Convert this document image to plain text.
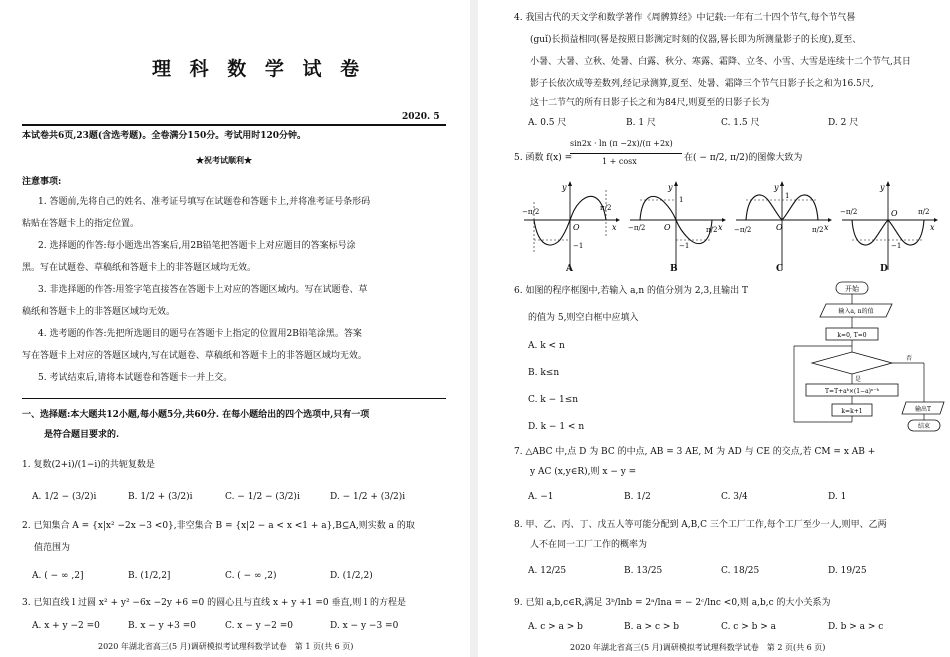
理 科 数 学 试 卷
2020. 5
本试卷共6页,23题(含选考题)。全卷满分150分。考试用时120分钟。
★祝考试顺利★
注意事项:
1. 答题前,先将自己的姓名、准考证号填写在试题卷和答题卡上,并将准考证号条形码
粘贴在答题卡上的指定位置。
2. 选择题的作答:每小题选出答案后,用2B铅笔把答题卡上对应题目的答案标号涂
黑。写在试题卷、草稿纸和答题卡上的非答题区域均无效。
3. 非选择题的作答:用签字笔直接答在答题卡上对应的答题区域内。写在试题卷、草
稿纸和答题卡上的非答题区域均无效。
4. 选考题的作答:先把所选题目的题号在答题卡上指定的位置用2B铅笔涂黑。答案
写在答题卡上对应的答题区域内,写在试题卷、草稿纸和答题卡上的非答题区域均无效。
5. 考试结束后,请将本试题卷和答题卡一并上交。
一、选择题:本大题共12小题,每小题5分,共60分. 在每小题给出的四个选项中,只有一项
是符合题目要求的.
1. 复数(2+i)/(1−i)的共轭复数是
A. 1/2 − (3/2)i	B. 1/2 + (3/2)i	C. − 1/2 − (3/2)i	D. − 1/2 + (3/2)i
2. 已知集合 A = {x|x² −2x −3 <0},非空集合 B = {x|2 − a < x <1 + a},B⊆A,则实数 a 的取
值范围为
A. ( − ∞ ,2]	B. (1/2,2]	C. ( − ∞ ,2)	D. (1/2,2)
3. 已知直线 l 过圆 x² + y² −6x −2y +6 =0 的圆心且与直线 x + y +1 =0 垂直,则 l 的方程是
A. x + y −2 =0	B. x − y +3 =0	C. x − y −2 =0	D. x − y −3 =0
2020 年湖北省高三(5 月)调研模拟考试理科数学试卷　第 1 页(共 6 页)
4. 我国古代的天文学和数学著作《周髀算经》中记载:一年有二十四个节气,每个节气晷
(guǐ)长损益相同(晷是按照日影测定时刻的仪器,晷长即为所测量影子的长度),夏至、
小暑、大暑、立秋、处暑、白露、秋分、寒露、霜降、立冬、小雪、大雪是连续十二个节气,其日
影子长依次成等差数列,经记录测算,夏至、处暑、霜降三个节气日影子长之和为16.5尺,
这十二节气的所有日影子长之和为84尺,则夏至的日影子长为
A. 0.5 尺	B. 1 尺	C. 1.5 尺	D. 2 尺
5. 函数 f(x) =
sin2x · ln (π −2x)/(π +2x)
1 + cosx	在( − π/2, π/2)的图像大致为
y
x
O
−π/2	π/2
−1
y
x
O
−π/2	π/2
1
−1
y
x
O
−π/2	π/2
1
y
x
O
−π/2	π/2
−1
A	B	C	D
6. 如图的程序框图中,若输入 a,n 的值分别为 2,3,且输出 T
的值为 5,则空白框中应填入
A. k < n
B. k≤n
C. k − 1≤n
D. k − 1 < n
开始
输入a, n的值
k=0, T=0
否
是
T=T+aᵏ×(1−a)ⁿ⁻ᵏ
k=k+1	输出T
结束
7. △ABC 中,点 D 为 BC 的中点, AB = 3 AE, M 为 AD 与 CE 的交点,若 CM = x AB +
y AC (x,y∈R),则 x − y =
A. −1	B. 1/2	C. 3/4	D. 1
8. 甲、乙、丙、丁、戊五人等可能分配到 A,B,C 三个工厂工作,每个工厂至少一人,则甲、乙两
人不在同一工厂工作的概率为
A. 12/25	B. 13/25	C. 18/25	D. 19/25
9. 已知 a,b,c∈R,满足 3ᵇ/lnb = 2ᵃ/lna = − 2ᶜ/lnc <0,则 a,b,c 的大小关系为
A. c > a > b	B. a > c > b	C. c > b > a	D. b > a > c
2020 年湖北省高三(5 月)调研模拟考试理科数学试卷　第 2 页(共 6 页)
